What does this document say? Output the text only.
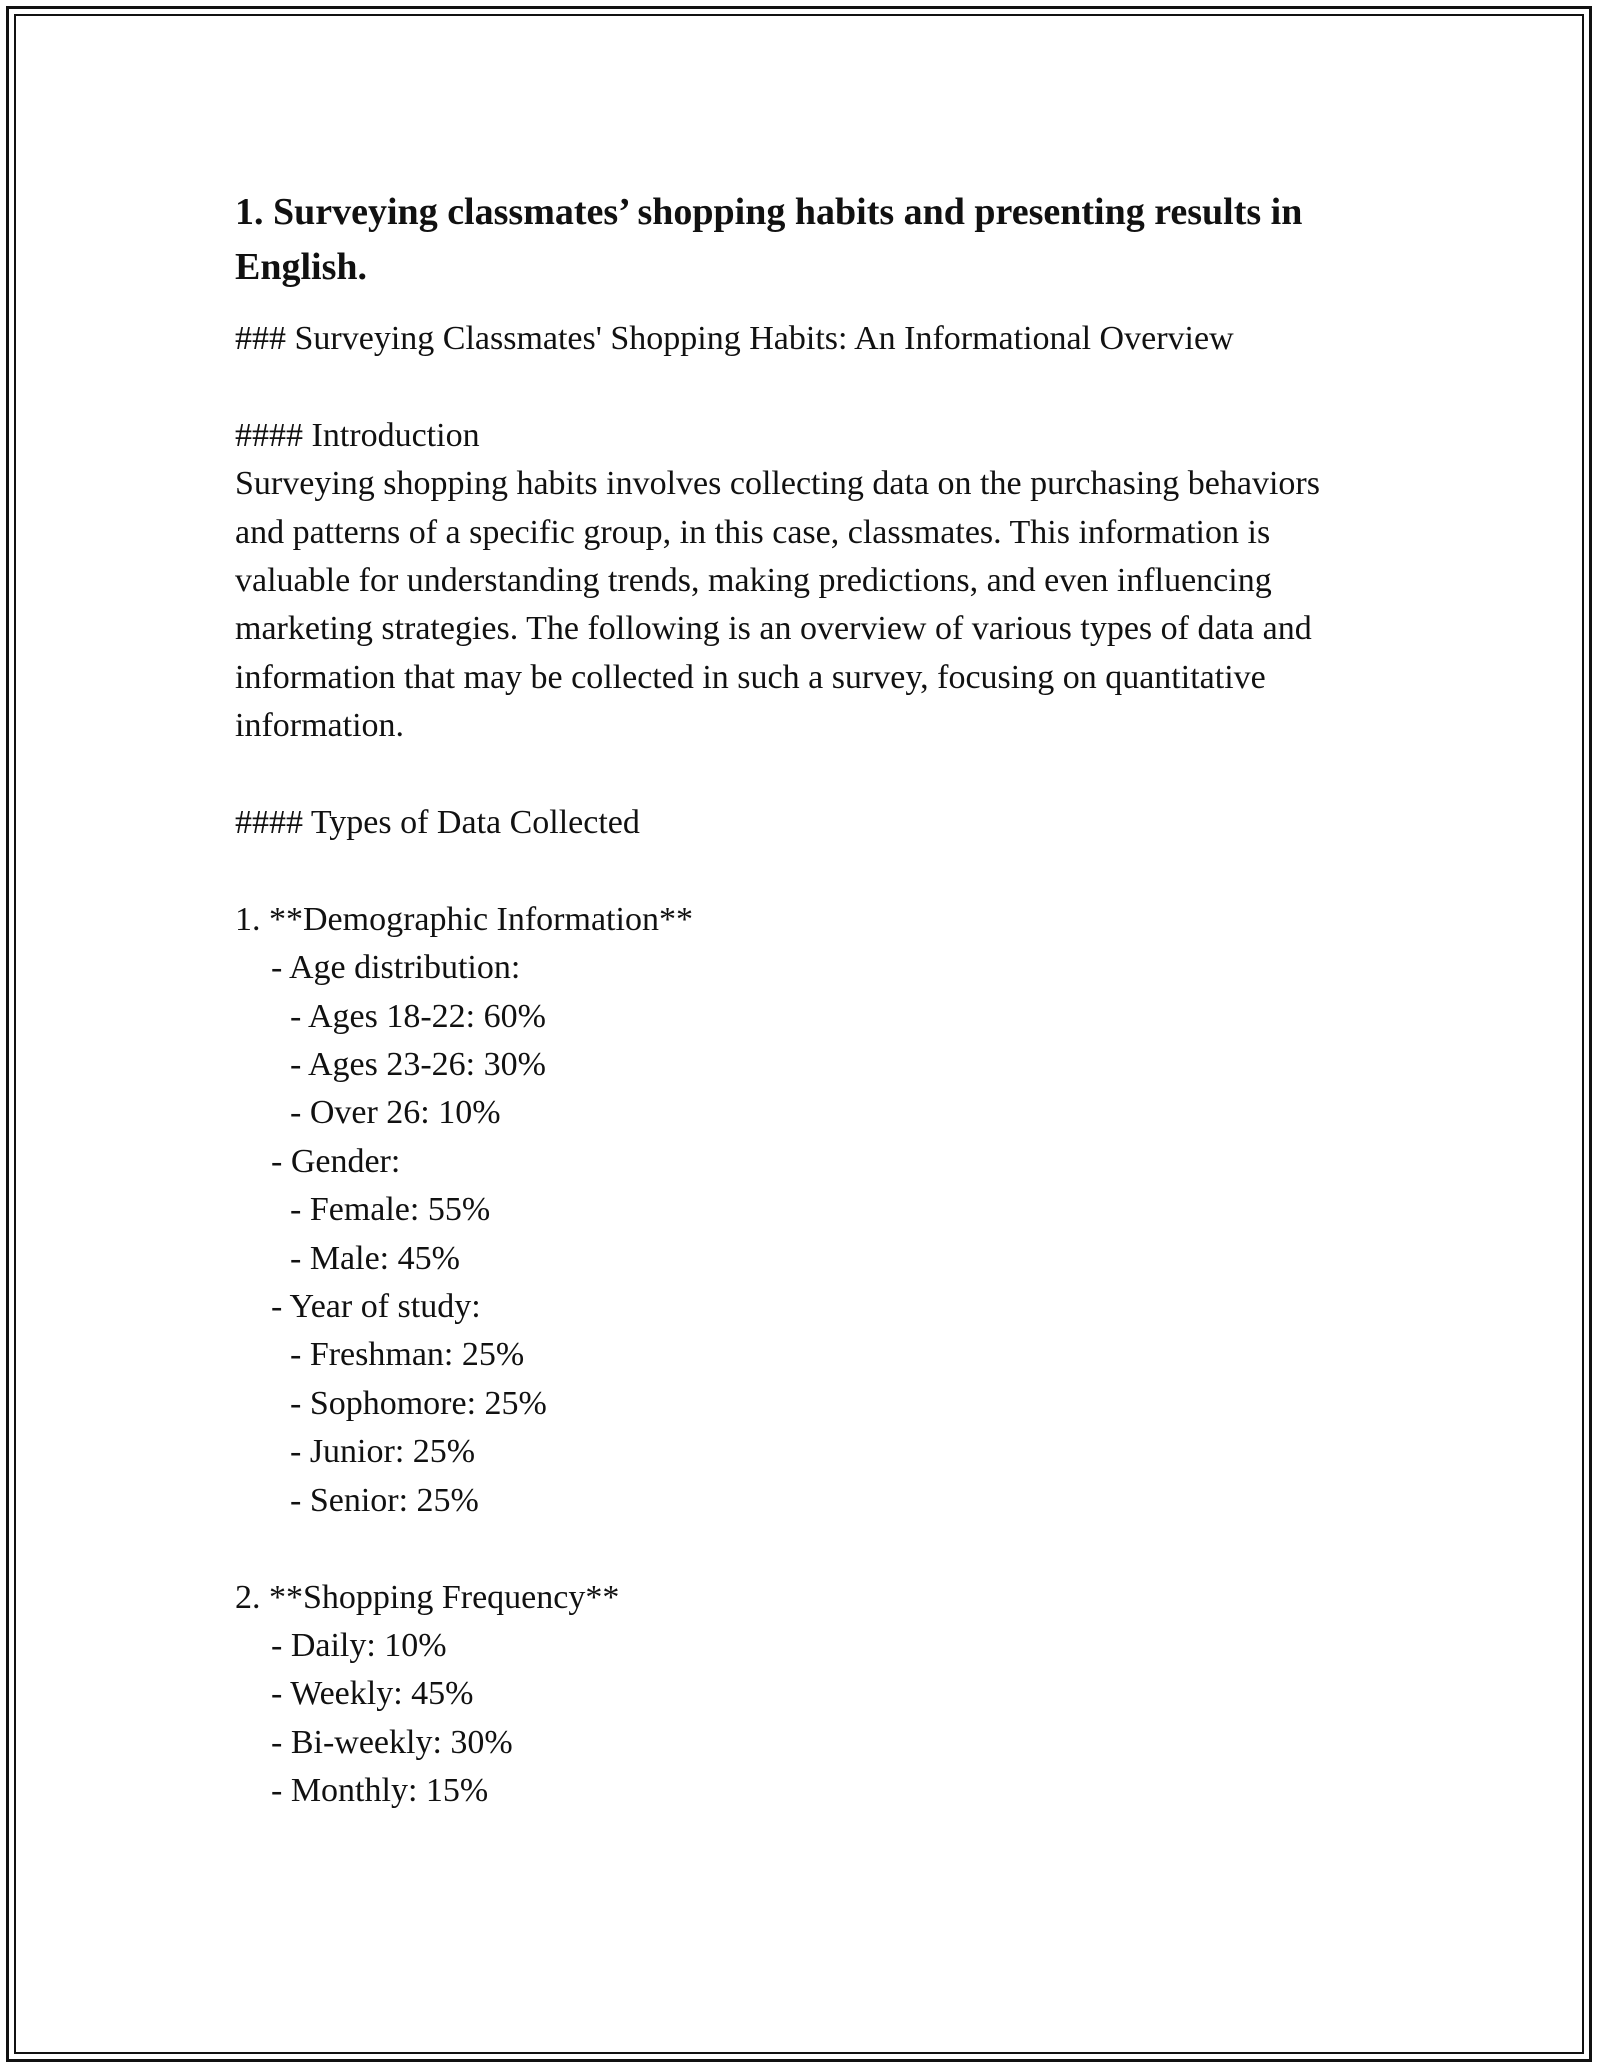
1. Surveying classmates’ shopping habits and presenting results in English.

### Surveying Classmates' Shopping Habits: An Informational Overview

#### Introduction

Surveying shopping habits involves collecting data on the purchasing behaviors and patterns of a specific group, in this case, classmates. This information is valuable for understanding trends, making predictions, and even influencing marketing strategies. The following is an overview of various types of data and information that may be collected in such a survey, focusing on quantitative information.

#### Types of Data Collected

1. **Demographic Information**

- Age distribution:

- Ages 18-22: 60%

- Ages 23-26: 30%

- Over 26: 10%

- Gender:

- Female: 55%

- Male: 45%

- Year of study:

- Freshman: 25%

- Sophomore: 25%

- Junior: 25%

- Senior: 25%

2. **Shopping Frequency**

- Daily: 10%

- Weekly: 45%

- Bi-weekly: 30%

- Monthly: 15%
